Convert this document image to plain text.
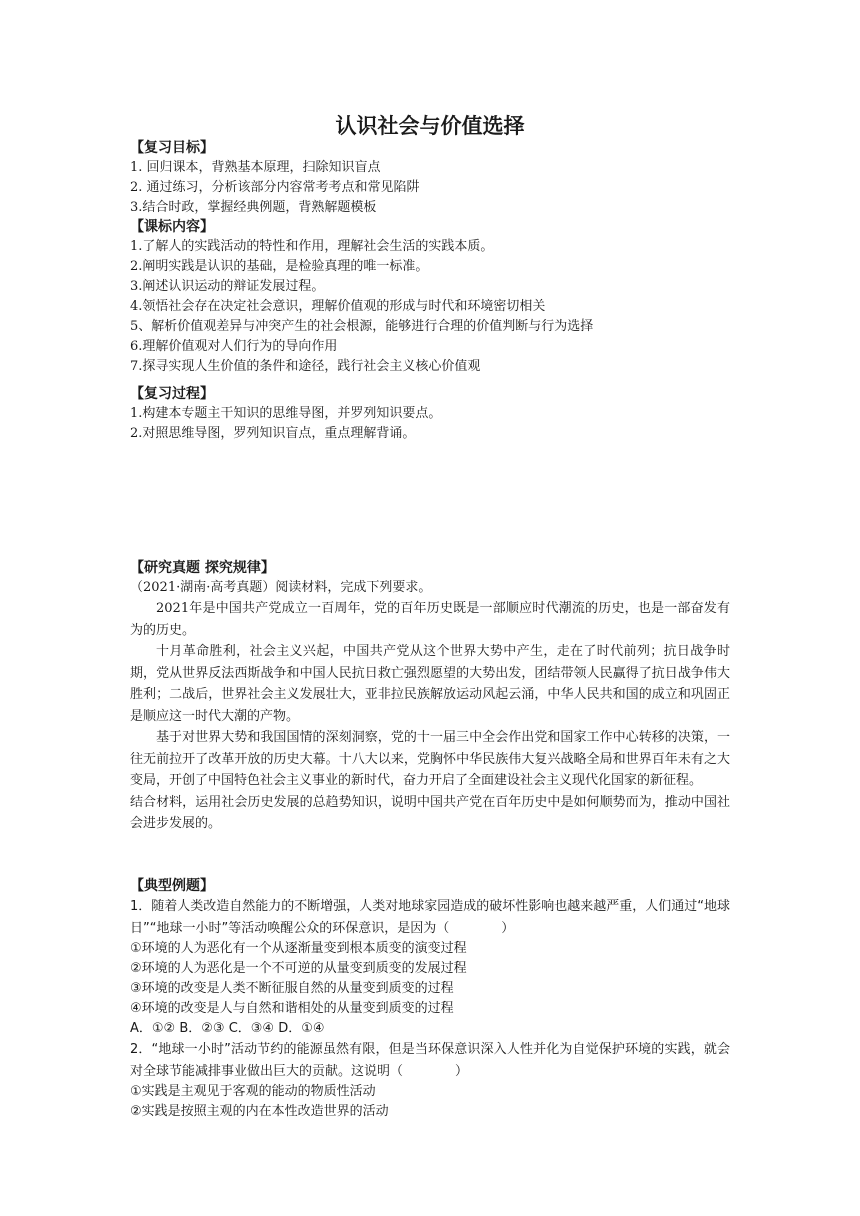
认识社会与价值选择
【复习目标】
1. 回归课本，背熟基本原理，扫除知识盲点
2. 通过练习，分析该部分内容常考考点和常见陷阱
3.结合时政，掌握经典例题，背熟解题模板
【课标内容】
1.了解人的实践活动的特性和作用，理解社会生活的实践本质。
2.阐明实践是认识的基础，是检验真理的唯一标准。
3.阐述认识运动的辩证发展过程。
4.领悟社会存在决定社会意识，理解价值观的形成与时代和环境密切相关
5、解析价值观差异与冲突产生的社会根源，能够进行合理的价值判断与行为选择
6.理解价值观对人们行为的导向作用
7.探寻实现人生价值的条件和途径，践行社会主义核心价值观
【复习过程】
1.构建本专题主干知识的思维导图，并罗列知识要点。
2.对照思维导图，罗列知识盲点，重点理解背诵。
【研究真题 探究规律】
（2021·湖南·高考真题）阅读材料，完成下列要求。
2021年是中国共产党成立一百周年，党的百年历史既是一部顺应时代潮流的历史，也是一部奋发有为的历史。
十月革命胜利，社会主义兴起，中国共产党从这个世界大势中产生，走在了时代前列；抗日战争时期，党从世界反法西斯战争和中国人民抗日救亡强烈愿望的大势出发，团结带领人民赢得了抗日战争伟大胜利；二战后，世界社会主义发展壮大，亚非拉民族解放运动风起云涌，中华人民共和国的成立和巩固正是顺应这一时代大潮的产物。
基于对世界大势和我国国情的深刻洞察，党的十一届三中全会作出党和国家工作中心转移的决策，一往无前拉开了改革开放的历史大幕。十八大以来，党胸怀中华民族伟大复兴战略全局和世界百年未有之大变局，开创了中国特色社会主义事业的新时代，奋力开启了全面建设社会主义现代化国家的新征程。
结合材料，运用社会历史发展的总趋势知识，说明中国共产党在百年历史中是如何顺势而为，推动中国社会进步发展的。
【典型例题】
1．随着人类改造自然能力的不断增强，人类对地球家园造成的破坏性影响也越来越严重，人们通过“地球日”“地球一小时”等活动唤醒公众的环保意识，是因为（　　　　）
①环境的人为恶化有一个从逐渐量变到根本质变的演变过程
②环境的人为恶化是一个不可逆的从量变到质变的发展过程
③环境的改变是人类不断征服自然的从量变到质变的过程
④环境的改变是人与自然和谐相处的从量变到质变的过程
A．①② B．②③ C．③④ D．①④
2．“地球一小时”活动节约的能源虽然有限，但是当环保意识深入人性并化为自觉保护环境的实践，就会对全球节能减排事业做出巨大的贡献。这说明（　　　　）
①实践是主观见于客观的能动的物质性活动
②实践是按照主观的内在本性改造世界的活动
